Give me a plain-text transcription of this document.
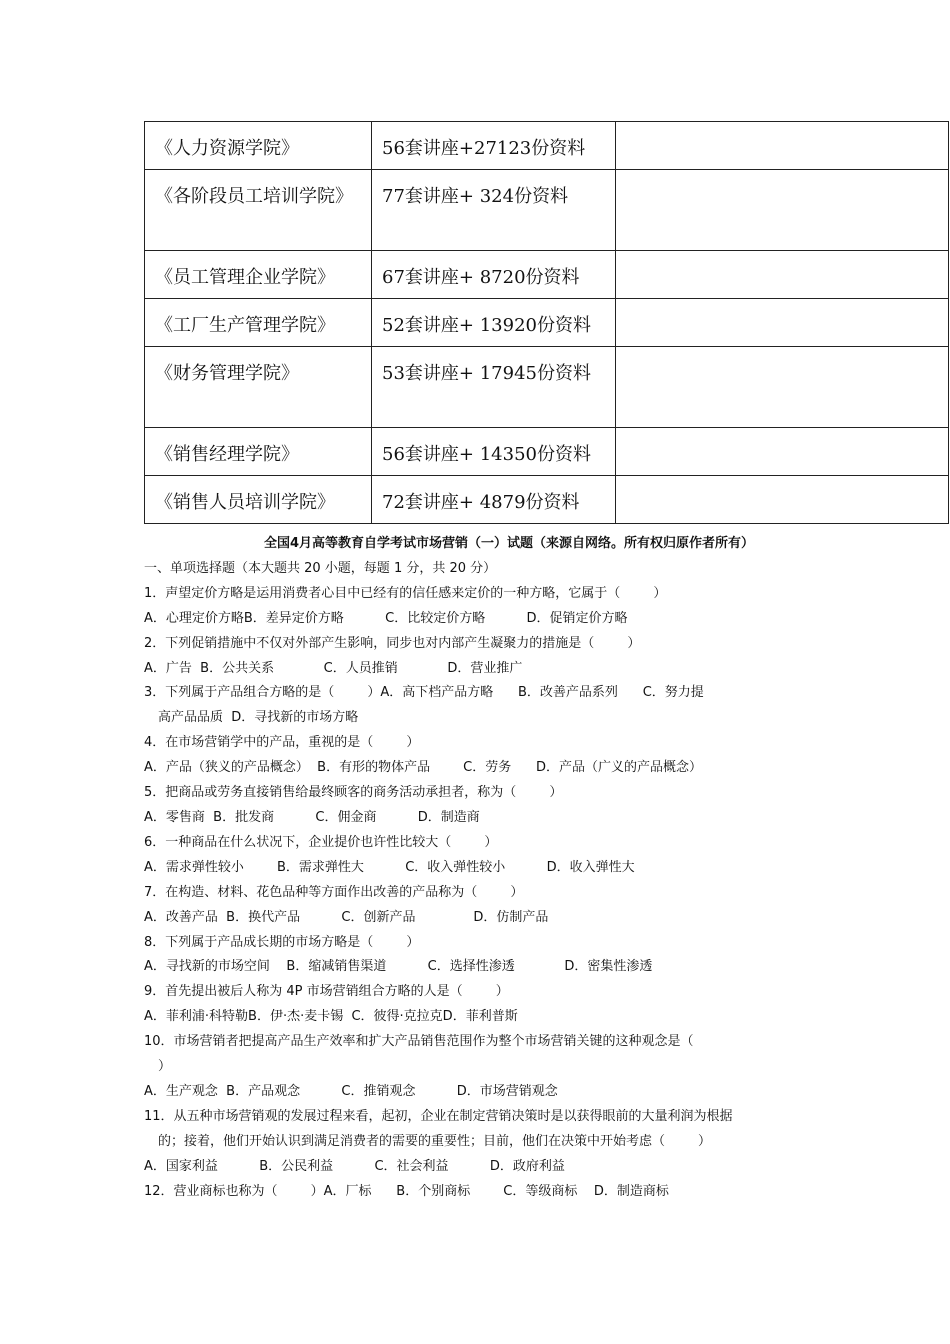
《人力资源学院》	56套讲座+27123份资料	
《各阶段员工培训学院》	77套讲座+ 324份资料	
《员工管理企业学院》	67套讲座+ 8720份资料	
《工厂生产管理学院》	52套讲座+ 13920份资料	
《财务管理学院》	53套讲座+ 17945份资料	
《销售经理学院》	56套讲座+ 14350份资料	
《销售人员培训学院》	72套讲座+ 4879份资料	
全国4月高等教育自学考试市场营销（一）试题（来源自网络。所有权归原作者所有）
一、单项选择题（本大题共 20 小题，每题 1 分，共 20 分）
1．声望定价方略是运用消费者心目中已经有的信任感来定价的一种方略，它属于（        ）
A．心理定价方略B．差异定价方略          C．比较定价方略          D．促销定价方略
2．下列促销措施中不仅对外部产生影响，同步也对内部产生凝聚力的措施是（        ）
A．广告  B．公共关系            C．人员推销            D．营业推广
3．下列属于产品组合方略的是（        ）A．高下档产品方略      B．改善产品系列      C．努力提
高产品品质  D．寻找新的市场方略
4．在市场营销学中的产品，重视的是（        ）
A．产品（狭义的产品概念）  B．有形的物体产品        C．劳务      D．产品（广义的产品概念）
5．把商品或劳务直接销售给最终顾客的商务活动承担者，称为（        ）
A．零售商  B．批发商          C．佣金商          D．制造商
6．一种商品在什么状况下，企业提价也许性比较大（        ）
A．需求弹性较小        B．需求弹性大          C．收入弹性较小          D．收入弹性大
7．在构造、材料、花色品种等方面作出改善的产品称为（        ）
A．改善产品  B．换代产品          C．创新产品              D．仿制产品
8．下列属于产品成长期的市场方略是（        ）
A．寻找新的市场空间    B．缩减销售渠道          C．选择性渗透            D．密集性渗透
9．首先提出被后人称为 4P 市场营销组合方略的人是（        ）
A．菲利浦·科特勒B．伊·杰·麦卡锡  C．彼得·克拉克D．菲利普斯
10．市场营销者把提高产品生产效率和扩大产品销售范围作为整个市场营销关键的这种观念是（
）
A．生产观念  B．产品观念          C．推销观念          D．市场营销观念
11．从五种市场营销观的发展过程来看，起初，企业在制定营销决策时是以获得眼前的大量利润为根据
的；接着，他们开始认识到满足消费者的需要的重要性；目前，他们在决策中开始考虑（        ）
A．国家利益          B．公民利益          C．社会利益          D．政府利益
12．营业商标也称为（        ）A．厂标      B．个别商标        C．等级商标    D．制造商标
